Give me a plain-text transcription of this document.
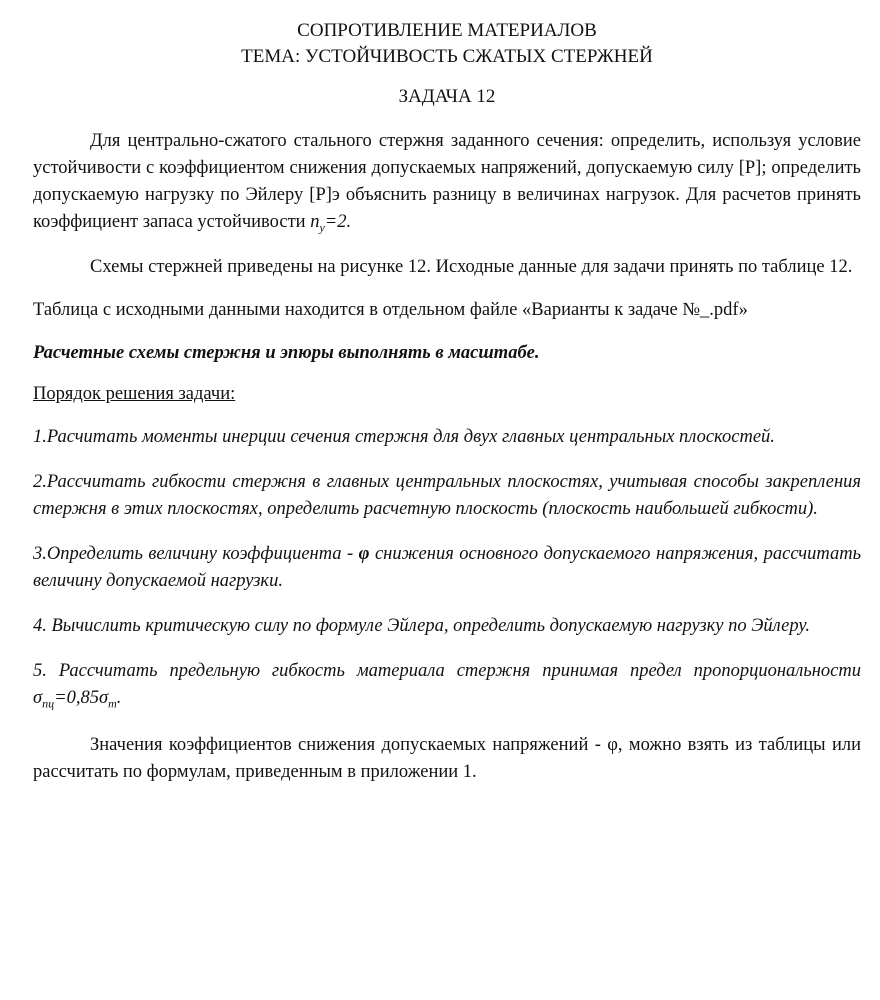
СОПРОТИВЛЕНИЕ МАТЕРИАЛОВ

ТЕМА: УСТОЙЧИВОСТЬ СЖАТЫХ СТЕРЖНЕЙ

ЗАДАЧА 12

Для центрально-сжатого стального стержня заданного сечения: определить, используя условие устойчивости с коэффициентом снижения допускаемых напряжений, допускаемую силу [P]; определить допускаемую нагрузку по Эйлеру [P]э объяснить разницу в величинах нагрузок. Для расчетов принять коэффициент запаса устойчивости $n_y=2$.

Схемы стержней приведены на рисунке 12. Исходные данные для задачи принять по таблице 12.

Таблица с исходными данными находится в отдельном файле «Варианты к задаче №_.pdf»

Расчетные схемы стержня и эпюры выполнять в масштабе.

Порядок решения задачи:

1.Расчитать моменты инерции сечения стержня для двух главных центральных плоскостей.

2.Рассчитать гибкости стержня в главных центральных плоскостях, учитывая способы закрепления стержня в этих плоскостях, определить расчетную плоскость (плоскость наибольшей гибкости).

3.Определить величину коэффициента - φ снижения основного допускаемого напряжения, рассчитать величину допускаемой нагрузки.

4. Вычислить критическую силу по формуле Эйлера, определить допускаемую нагрузку по Эйлеру.

5. Рассчитать предельную гибкость материала стержня принимая предел пропорциональности $\sigma_{пц}=0,85\sigma_т$.

Значения коэффициентов снижения допускаемых напряжений - φ, можно взять из таблицы или рассчитать по формулам, приведенным в приложении 1.
